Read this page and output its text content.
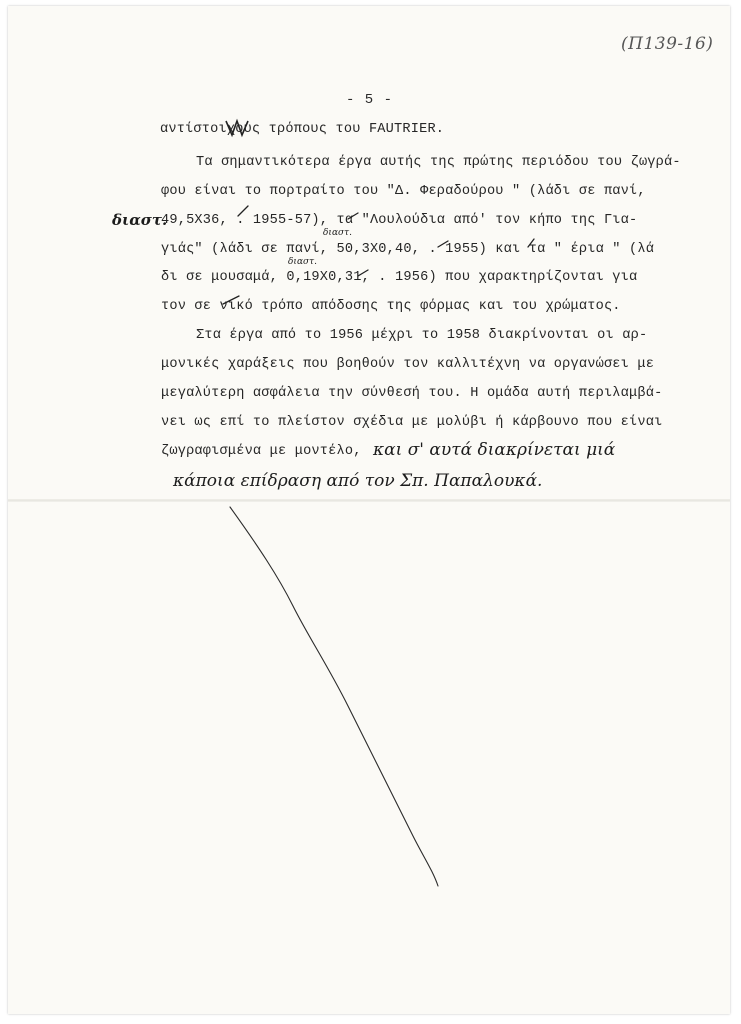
(Π139-16)
- 5 -
αντίστοιχους τρόπους του FAUTRIER.
Τα σημαντικότερα έργα αυτής της πρώτης περιόδου του ζωγρά-
φου είναι το πορτραίτο του "Δ. Φεραδούρου " (λάδι σε πανί,
49,5Χ36, . 1955-57), τα "Λουλούδια από' τον κήπο της Για-
γιάς" (λάδι σε πανί, 50,3Χ0,40, . 1955) και τα " έρια " (λά
δι σε μουσαμά, 0,19Χ0,31, . 1956) που χαρακτηρίζονται για
τον σε νικό τρόπο απόδοσης της φόρμας και του χρώματος.
Στα έργα από το 1956 μέχρι το 1958 διακρίνονται οι αρ-
μονικές χαράξεις που βοηθούν τον καλλιτέχνη να οργανώσει με
μεγαλύτερη ασφάλεια την σύνθεσή του. Η ομάδα αυτή περιλαμβά-
νει ως επί το πλείστον σχέδια με μολύβι ή κάρβουνο που είναι
ζωγραφισμένα με μοντέλο,
διαστ.
διαστ.
διαστ.
και σ' αυτά διακρίνεται μιά
κάποια επίδραση από τον Σπ. Παπαλουκά.
